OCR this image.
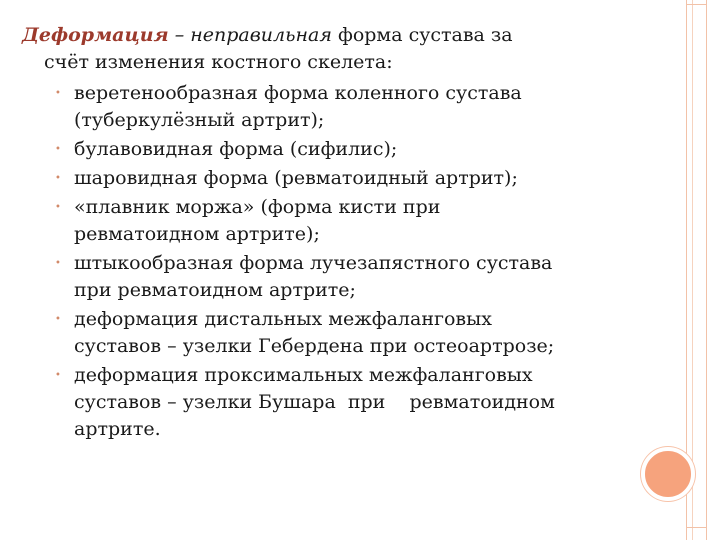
Деформация – неправильная форма сустава за
счёт изменения костного скелета:

• веретенообразная форма коленного сустава
(туберкулёзный артрит);
• булавовидная форма (сифилис);
• шаровидная форма (ревматоидный артрит);
• «плавник моржа» (форма кисти при
ревматоидном артрите);
• штыкообразная форма лучезапястного сустава
при ревматоидном артрите;
• деформация дистальных межфаланговых
суставов – узелки Гебердена при остеоартрозе;
• деформация проксимальных межфаланговых
суставов – узелки Бушара  при    ревматоидном
артрите.
